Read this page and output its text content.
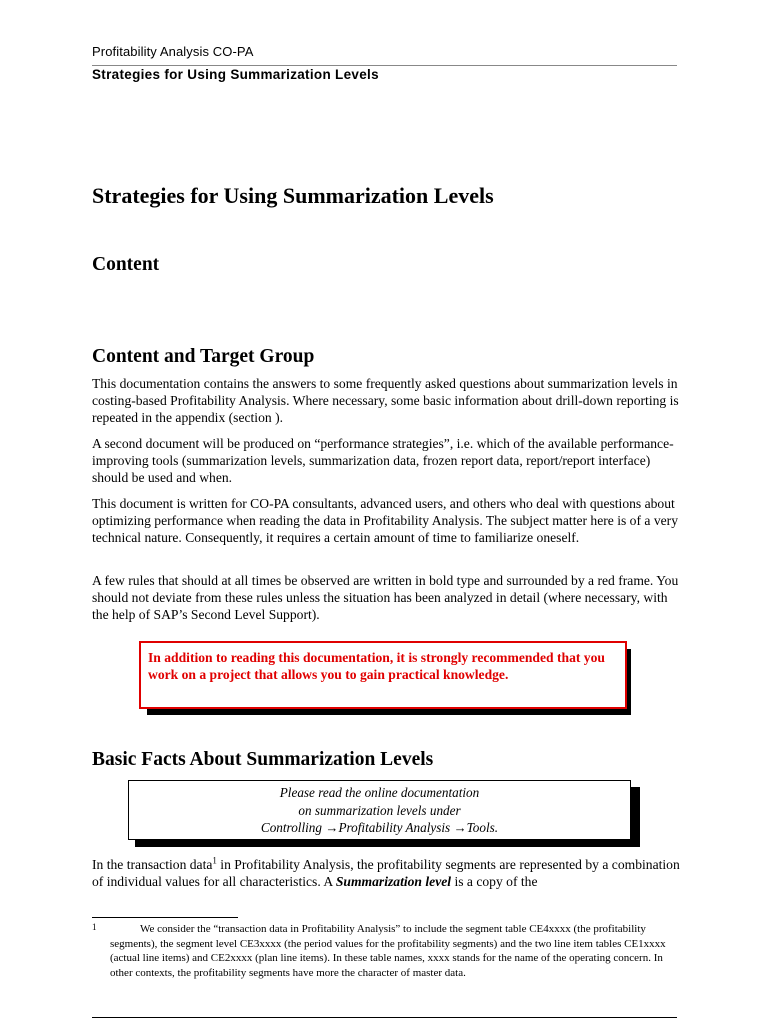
Profitability Analysis CO-PA
Strategies for Using Summarization Levels
Strategies for Using Summarization Levels
Content
Content and Target Group
This documentation contains the answers to some frequently asked questions about summarization levels in costing-based Profitability Analysis. Where necessary, some basic information about drill-down reporting is repeated in the appendix (section ).
A second document will be produced on “performance strategies”, i.e. which of the available performance-improving tools (summarization levels, summarization data, frozen report data, report/report interface) should be used and when.
This document is written for CO-PA consultants, advanced users, and others who deal with questions about optimizing performance when reading the data in Profitability Analysis. The subject matter here is of a very technical nature. Consequently, it requires a certain amount of time to familiarize oneself.
A few rules that should at all times be observed are written in bold type and surrounded by a red frame. You should not deviate from these rules unless the situation has been analyzed in detail (where necessary, with the help of SAP’s Second Level Support).
In addition to reading this documentation, it is strongly recommended that you work on a project that allows you to gain practical knowledge.
Basic Facts About Summarization Levels
Please read the online documentation
on summarization levels under
Controlling →Profitability Analysis →Tools.
In the transaction data$^1$ in Profitability Analysis, the profitability segments are represented by a combination of individual values for all characteristics. A Summarization level is a copy of the
1	We consider the “transaction data in Profitability Analysis” to include the segment table CE4xxxx (the profitability segments), the segment level CE3xxxx (the period values for the profitability segments) and the two line item tables CE1xxxx (actual line items) and CE2xxxx (plan line items). In these table names, xxxx stands for the name of the operating concern. In other contexts, the profitability segments have more the character of master data.
